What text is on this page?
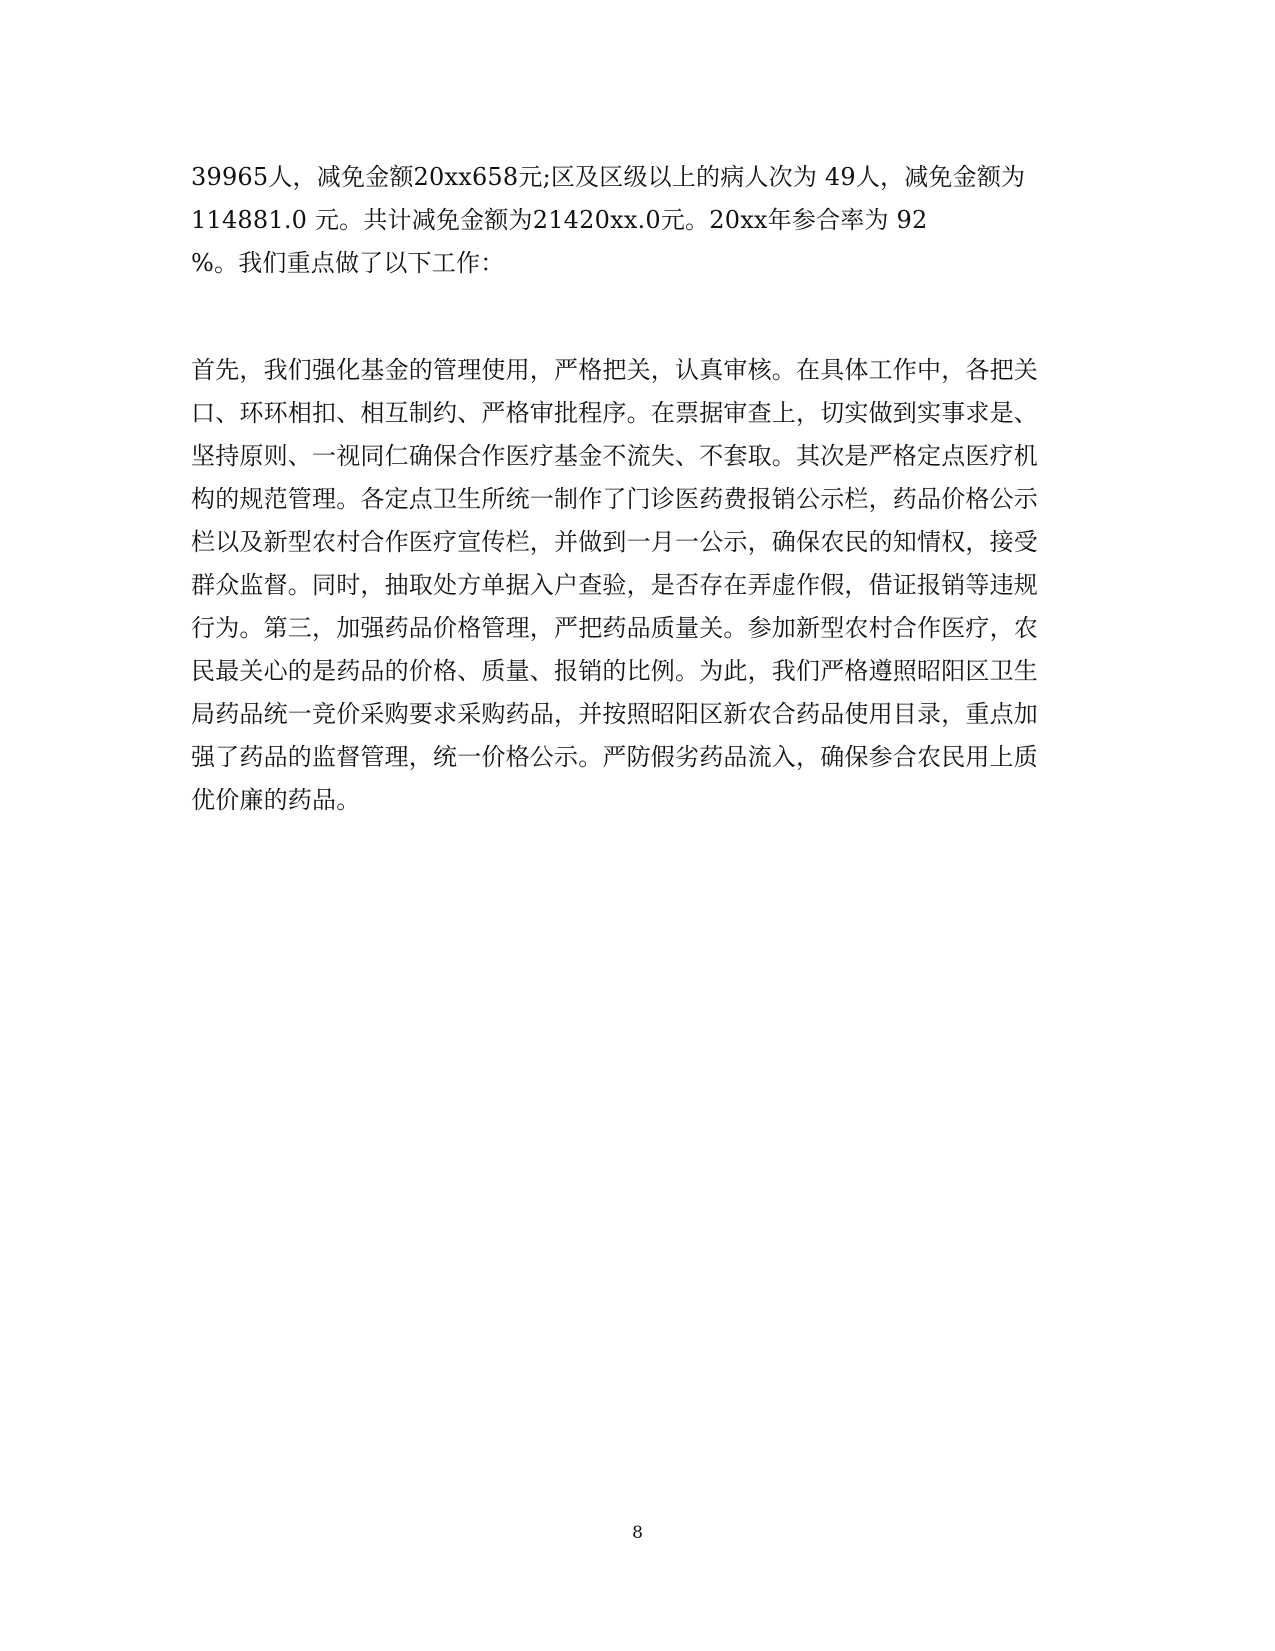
39965人，减免金额20xx658元;区及区级以上的病人次为 49人，减免金额为
114881.0 元。共计减免金额为21420xx.0元。20xx年参合率为 92
%。我们重点做了以下工作：
首先，我们强化基金的管理使用，严格把关，认真审核。在具体工作中，各把关
口、环环相扣、相互制约、严格审批程序。在票据审查上，切实做到实事求是、
坚持原则、一视同仁确保合作医疗基金不流失、不套取。其次是严格定点医疗机
构的规范管理。各定点卫生所统一制作了门诊医药费报销公示栏，药品价格公示
栏以及新型农村合作医疗宣传栏，并做到一月一公示，确保农民的知情权，接受
群众监督。同时，抽取处方单据入户查验，是否存在弄虚作假，借证报销等违规
行为。第三，加强药品价格管理，严把药品质量关。参加新型农村合作医疗，农
民最关心的是药品的价格、质量、报销的比例。为此，我们严格遵照昭阳区卫生
局药品统一竞价采购要求采购药品，并按照昭阳区新农合药品使用目录，重点加
强了药品的监督管理，统一价格公示。严防假劣药品流入，确保参合农民用上质
优价廉的药品。
8
